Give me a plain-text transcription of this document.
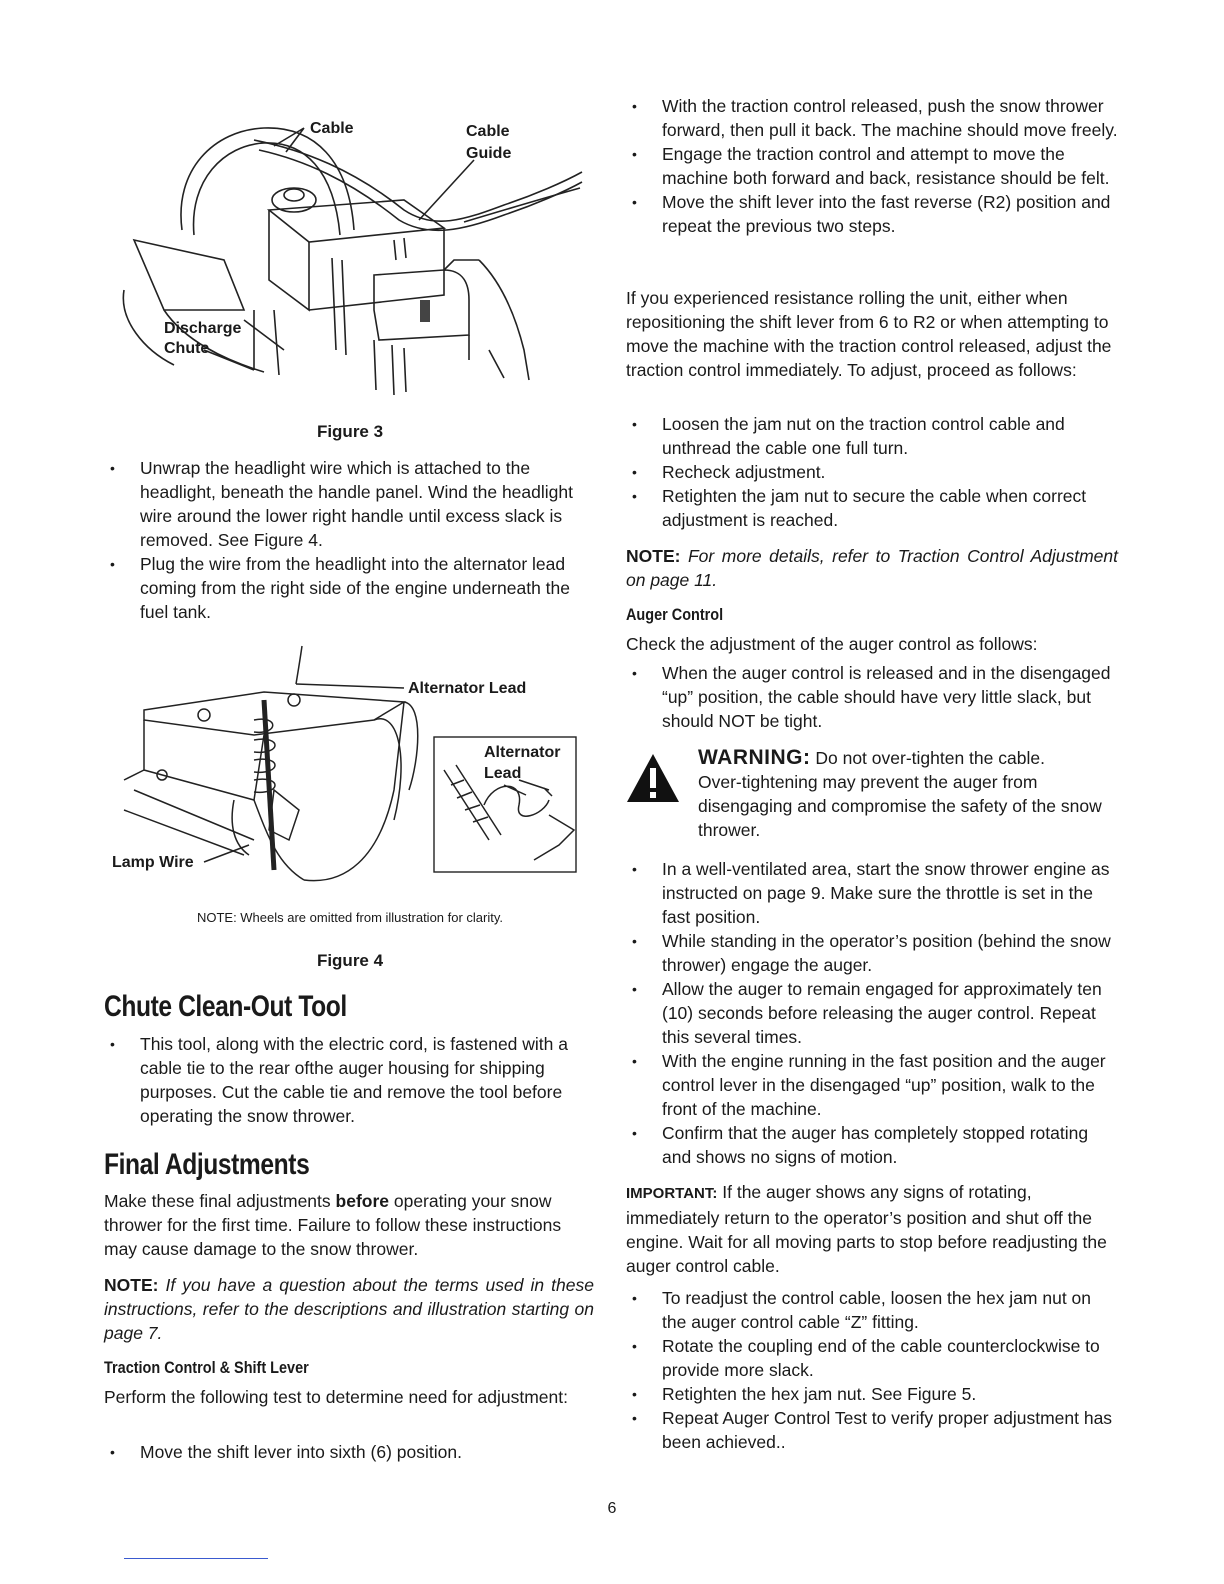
Cable	Cable
Guide
Discharge
Chute
Figure 3
• Unwrap the headlight wire which is attached to the headlight, beneath the handle panel. Wind the headlight wire around the lower right handle until excess slack is removed. See Figure 4.
• Plug the wire from the headlight into the alternator lead coming from the right side of the engine underneath the fuel tank.
Alternator Lead
Alternator
Lead
Lamp Wire
NOTE: Wheels are omitted from illustration for clarity.
Figure 4
Chute Clean-Out Tool
• This tool, along with the electric cord, is fastened with a cable tie to the rear ofthe auger housing for shipping purposes. Cut the cable tie and remove the tool before operating the snow thrower.
Final Adjustments
Make these final adjustments before operating your snow thrower for the first time. Failure to follow these instructions may cause damage to the snow thrower.
NOTE: If you have a question about the terms used in these instructions, refer to the descriptions and illustration starting on page 7.
Traction Control & Shift Lever
Perform the following test to determine need for adjustment:
• Move the shift lever into sixth (6) position.
• With the traction control released, push the snow thrower forward, then pull it back. The machine should move freely.
• Engage the traction control and attempt to move the machine both forward and back, resistance should be felt.
• Move the shift lever into the fast reverse (R2) position and repeat the previous two steps.
If you experienced resistance rolling the unit, either when repositioning the shift lever from 6 to R2 or when attempting to move the machine with the traction control released, adjust the traction control immediately. To adjust, proceed as follows:
• Loosen the jam nut on the traction control cable and unthread the cable one full turn.
• Recheck adjustment.
• Retighten the jam nut to secure the cable when correct adjustment is reached.
NOTE: For more details, refer to Traction Control Adjustment on page 11.
Auger Control
Check the adjustment of the auger control as follows:
• When the auger control is released and in the disengaged “up” position, the cable should have very little slack, but should NOT be tight.
WARNING: Do not over-tighten the cable.
Over-tightening may prevent the auger from disengaging and compromise the safety of the snow thrower.
• In a well-ventilated area, start the snow thrower engine as instructed on page 9. Make sure the throttle is set in the fast position.
• While standing in the operator’s position (behind the snow thrower) engage the auger.
• Allow the auger to remain engaged for approximately ten (10) seconds before releasing the auger control. Repeat this several times.
• With the engine running in the fast position and the auger control lever in the disengaged “up” position, walk to the front of the machine.
• Confirm that the auger has completely stopped rotating and shows no signs of motion.
IMPORTANT: If the auger shows any signs of rotating, immediately return to the operator’s position and shut off the engine. Wait for all moving parts to stop before readjusting the auger control cable.
• To readjust the control cable, loosen the hex jam nut on the auger control cable “Z” fitting.
• Rotate the coupling end of the cable counterclockwise to provide more slack.
• Retighten the hex jam nut. See Figure 5.
• Repeat Auger Control Test to verify proper adjustment has been achieved..
6
